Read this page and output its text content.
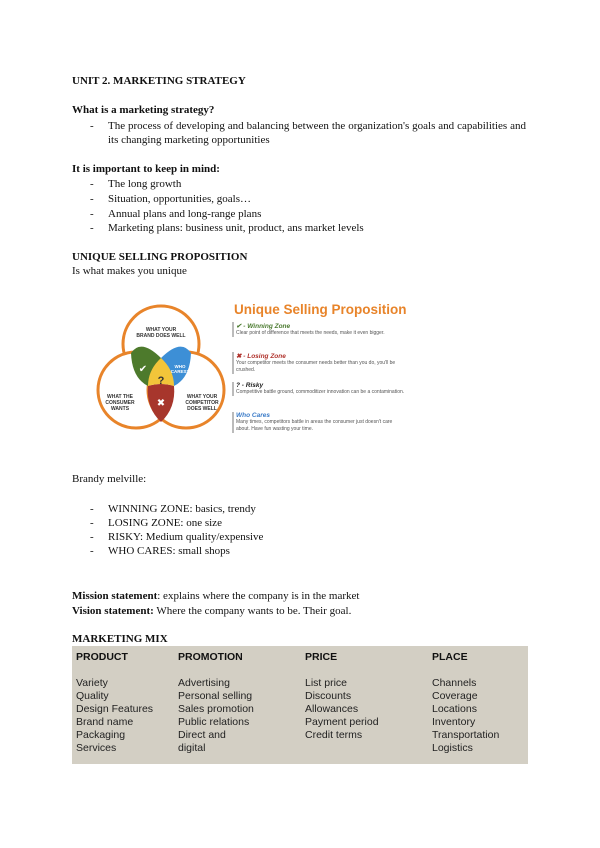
UNIT 2. MARKETING STRATEGY
What is a marketing strategy?
- The process of developing and balancing between the organization's goals and capabilities and its changing marketing opportunities
It is important to keep in mind:
- The long growth
- Situation, opportunities, goals…
- Annual plans and long-range plans
- Marketing plans: business unit, product, ans market levels
UNIQUE SELLING PROPOSITION
Is what makes you unique
WHAT YOUR BRAND DOES WELL
WHAT THE CONSUMER WANTS
WHAT YOUR COMPETITOR DOES WELL
✔	WHO CARES?
?
✖
Unique Selling Proposition
✔ - Winning Zone
Clear point of difference that meets the needs, make it even bigger.
✖ - Losing Zone
Your competitor meets the consumer needs better than you do, you'll be crushed.
? - Risky
Competitive battle ground, commoditizer innovation can be a contamination.
Who Cares
Many times, competitors battle in areas the consumer just doesn't care about. Have fun wasting your time.
Brandy melville:
- WINNING ZONE: basics, trendy
- LOSING ZONE: one size
- RISKY: Medium quality/expensive
- WHO CARES: small shops
Mission statement: explains where the company is in the market
Vision statement: Where the company wants to be. Their goal.
MARKETING MIX
PRODUCT
Variety
Quality
Design Features
Brand name
Packaging
Services
PROMOTION
Advertising
Personal selling
Sales promotion
Public relations
Direct and
digital
PRICE
List price
Discounts
Allowances
Payment period
Credit terms
PLACE
Channels
Coverage
Locations
Inventory
Transportation
Logistics
